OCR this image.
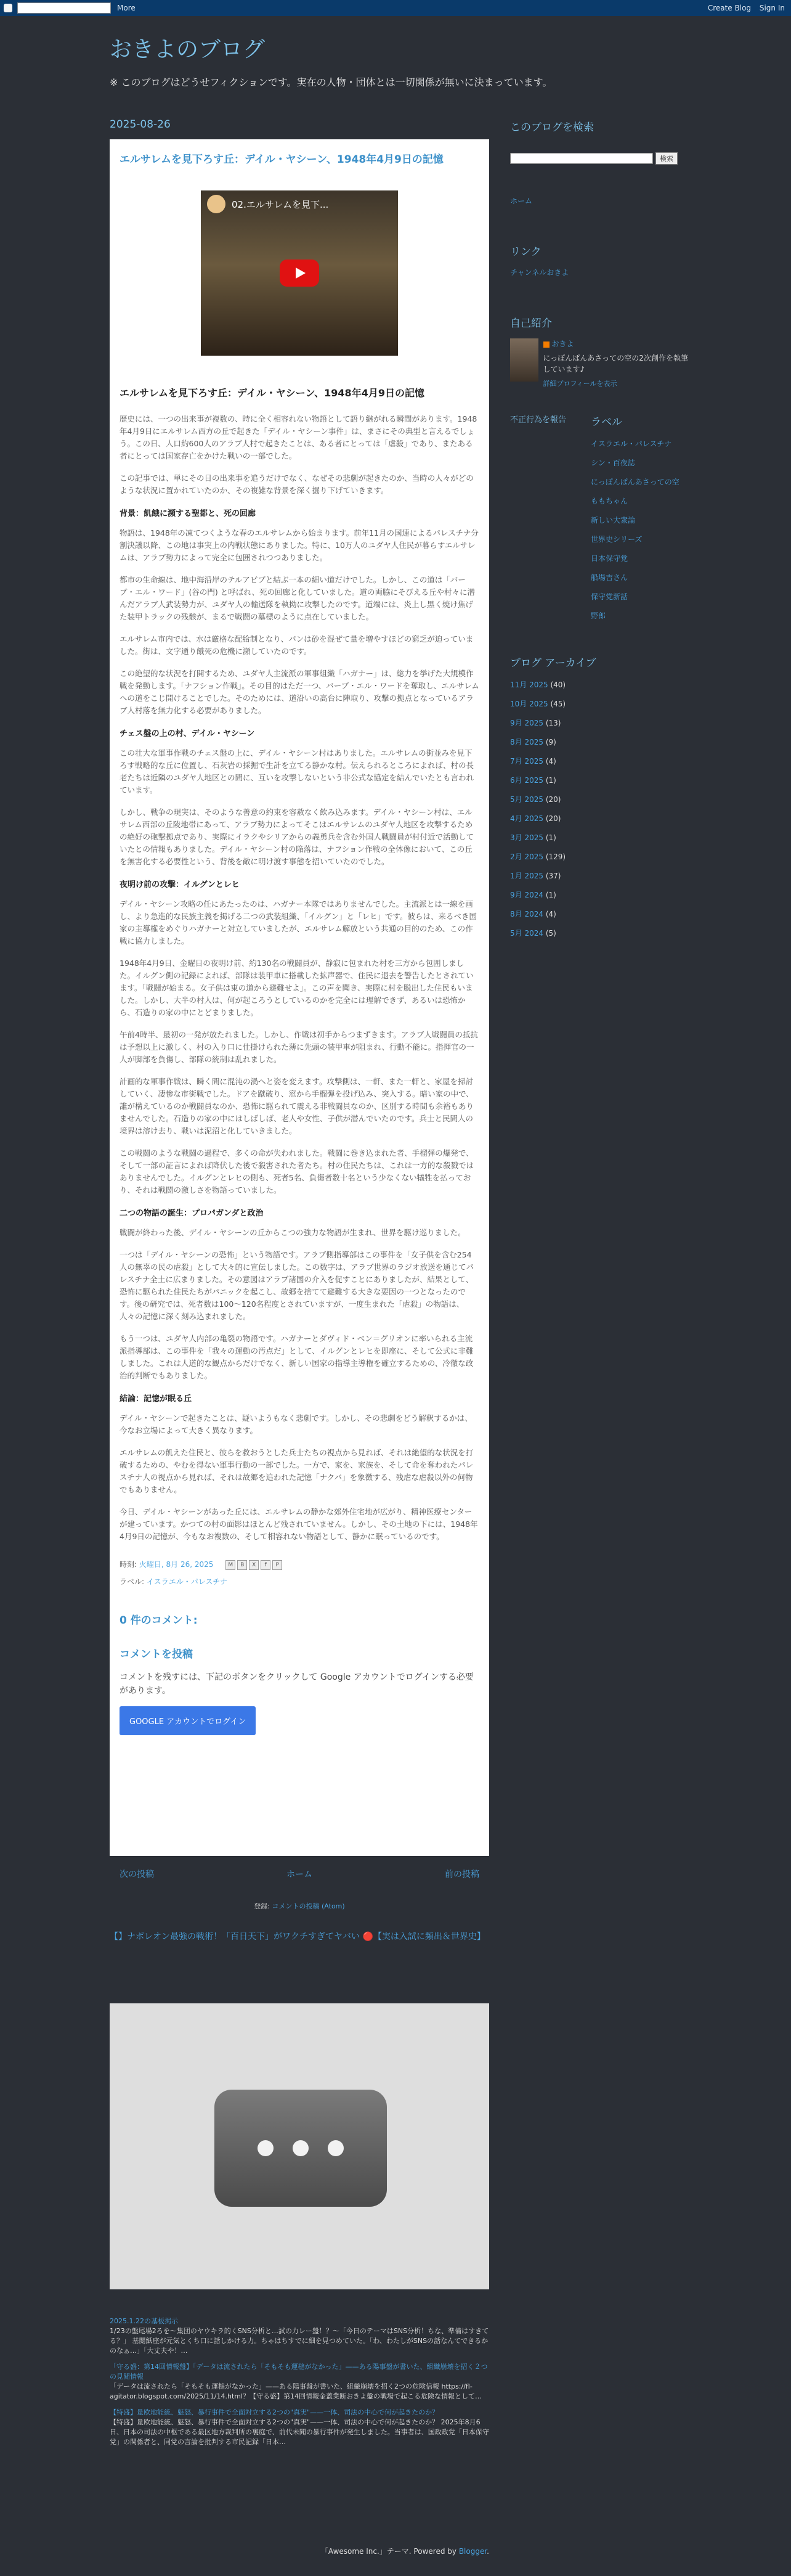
More	Create Blog Sign In
おきよのブログ
※ このブログはどうせフィクションです。実在の人物・団体とは一切関係が無いに決まっています。
2025-08-26
エルサレムを見下ろす丘：デイル・ヤシーン、1948年4月9日の記憶
02.エルサレムを見下...
エルサレムを見下ろす丘：デイル・ヤシーン、1948年4月9日の記憶

歴史には、一つの出来事が複数の、時に全く相容れない物語として語り継がれる瞬間があります。1948年4月9日にエルサレム西方の丘で起きた「デイル・ヤシーン事件」は、まさにその典型と言えるでしょう。この日、人口約600人のアラブ人村で起きたことは、ある者にとっては「虐殺」であり、またある者にとっては国家存亡をかけた戦いの一部でした。

この記事では、単にその日の出来事を追うだけでなく、なぜその悲劇が起きたのか、当時の人々がどのような状況に置かれていたのか、その複雑な背景を深く掘り下げていきます。

背景：飢餓に瀕する聖都と、死の回廊

物語は、1948年の凍てつくような春のエルサレムから始まります。前年11月の国連によるパレスチナ分割決議以降、この地は事実上の内戦状態にありました。特に、10万人のユダヤ人住民が暮らすエルサレムは、アラブ勢力によって完全に包囲されつつありました。

都市の生命線は、地中海沿岸のテルアビブと結ぶ一本の細い道だけでした。しかし、この道は「バーブ・エル・ワード」(谷の門) と呼ばれ、死の回廊と化していました。道の両脇にそびえる丘や村々に潜んだアラブ人武装勢力が、ユダヤ人の輸送隊を執拗に攻撃したのです。道端には、炎上し黒く焼け焦げた装甲トラックの残骸が、まるで戦闘の墓標のように点在していました。

エルサレム市内では、水は厳格な配給制となり、パンは砂を混ぜて量を増やすほどの窮乏が迫っていました。街は、文字通り餓死の危機に瀕していたのです。

この絶望的な状況を打開するため、ユダヤ人主流派の軍事組織「ハガナー」は、総力を挙げた大規模作戦を発動します。「ナフション作戦」。その目的はただ一つ、バーブ・エル・ワードを奪取し、エルサレムへの道をこじ開けることでした。そのためには、道沿いの高台に陣取り、攻撃の拠点となっているアラブ人村落を無力化する必要がありました。

チェス盤の上の村、デイル・ヤシーン

この壮大な軍事作戦のチェス盤の上に、デイル・ヤシーン村はありました。エルサレムの街並みを見下ろす戦略的な丘に位置し、石灰岩の採掘で生計を立てる静かな村。伝えられるところによれば、村の長老たちは近隣のユダヤ人地区との間に、互いを攻撃しないという非公式な協定を結んでいたとも言われています。

しかし、戦争の現実は、そのような善意の約束を容赦なく飲み込みます。デイル・ヤシーン村は、エルサレム西部の丘陵地帯にあって、アラブ勢力によってそこはエルサレムのユダヤ人地区を攻撃するための絶好の砲撃拠点であり、実際にイラクやシリアからの義勇兵を含む外国人戦闘員が村付近で活動していたとの情報もありました。デイル・ヤシーン村の陥落は、ナフション作戦の全体像において、この丘を無害化する必要性という、背後を敵に明け渡す事態を招いていたのでした。

夜明け前の攻撃：イルグンとレヒ

デイル・ヤシーン攻略の任にあたったのは、ハガナー本隊ではありませんでした。主流派とは一線を画し、より急進的な民族主義を掲げる二つの武装組織、「イルグン」と「レヒ」です。彼らは、来るべき国家の主導権をめぐりハガナーと対立していましたが、エルサレム解放という共通の目的のため、この作戦に協力しました。

1948年4月9日、金曜日の夜明け前、約130名の戦闘員が、静寂に包まれた村を三方から包囲しました。イルグン側の記録によれば、部隊は装甲車に搭載した拡声器で、住民に退去を警告したとされています。「戦闘が始まる。女子供は東の道から避難せよ」。この声を聞き、実際に村を脱出した住民もいました。しかし、大半の村人は、何が起ころうとしているのかを完全には理解できず、あるいは恐怖から、石造りの家の中にとどまりました。

午前4時半、最初の一発が放たれました。しかし、作戦は初手からつまずきます。アラブ人戦闘員の抵抗は予想以上に激しく、村の入り口に仕掛けられた薄に先頭の装甲車が阻まれ、行動不能に。指揮官の一人が脚部を負傷し、部隊の統制は乱れました。

計画的な軍事作戦は、瞬く間に混沌の渦へと姿を変えます。攻撃側は、一軒、また一軒と、家屋を掃討していく、凄惨な市街戦でした。ドアを蹴破り、窓から手榴弾を投げ込み、突入する。暗い家の中で、誰が構えているのか戦闘員なのか、恐怖に駆られて震える非戦闘員なのか、区別する時間も余裕もありませんでした。石造りの家の中にはしばしば、老人や女性、子供が潜んでいたのです。兵士と民間人の境界は溶け去り、戦いは泥沼と化していきました。

この戦闘のような戦闘の過程で、多くの命が失われました。戦闘に巻き込まれた者、手榴弾の爆発で、そして一部の証言によれば降伏した後で殺害された者たち。村の住民たちは、これは一方的な殺戮ではありませんでした。イルグンとレヒの側も、死者5名、負傷者数十名という少なくない犠牲を払っており、それは戦闘の激しさを物語っていました。

二つの物語の誕生：プロパガンダと政治

戦闘が終わった後、デイル・ヤシーンの丘からこつの強力な物語が生まれ、世界を駆け巡りました。

一つは「デイル・ヤシーンの恐怖」という物語です。アラブ側指導部はこの事件を「女子供を含む254人の無辜の民の虐殺」として大々的に宣伝しました。この数字は、アラブ世界のラジオ放送を通じてパレスチナ全土に広まりました。その意図はアラブ諸国の介入を促すことにありましたが、結果として、恐怖に駆られた住民たちがパニックを起こし、故郷を捨てて避難する大きな要因の一つとなったのです。後の研究では、死者数は100〜120名程度とされていますが、一度生まれた「虐殺」の物語は、人々の記憶に深く刻み込まれました。

もう一つは、ユダヤ人内部の亀裂の物語です。ハガナーとダヴィド・ベン＝グリオンに率いられる主流派指導部は、この事件を「我々の運動の汚点だ」として、イルグンとレヒを即座に、そして公式に非難しました。これは人道的な観点からだけでなく、新しい国家の指導主導権を確立するための、冷徹な政治的判断でもありました。

結論：記憶が眠る丘

デイル・ヤシーンで起きたことは、疑いようもなく悲劇です。しかし、その悲劇をどう解釈するかは、今なお立場によって大きく異なります。

エルサレムの飢えた住民と、彼らを救おうとした兵士たちの視点から見れば、それは絶望的な状況を打破するための、やむを得ない軍事行動の一部でした。一方で、家を、家族を、そして命を奪われたパレスチナ人の視点から見れば、それは故郷を追われた記憶「ナクバ」を象徴する、残虐な虐殺以外の何物でもありません。

今日、デイル・ヤシーンがあった丘には、エルサレムの静かな郊外住宅地が広がり、精神医療センターが建っています。かつての村の面影はほとんど残されていません。しかし、その土地の下には、1948年4月9日の記憶が、今もなお複数の、そして相容れない物語として、静かに眠っているのです。

時刻: 火曜日, 8月 26, 2025	M	B	X	f	P
ラベル: イスラエル・パレスチナ
0 件のコメント:
コメントを投稿

コメントを残すには、下記のボタンをクリックして Google アカウントでログインする必要があります。

GOOGLE アカウントでログイン
次の投稿	ホーム	前の投稿
登録: コメントの投稿 (Atom)
【】ナポレオン最強の戦術！「百日天下」がワクチすぎてヤバい 🔴【実は入試に頻出＆世界史】
2025.1.22の基板掲示
1/23の盤尾場2ろを〜集団のヤウキラ的くSNS分析と…試の力レー盤！？〜「今日のテーマはSNS分析！ちな、準備はすきてる？」 基閲紙座が元気とくち口に話しかける力。ちゃはちすでに細を見つめていた。「わ、わたしがSNSの話なんてできるかのなぁ…」「大丈夫や！…
「守る盛：第14回情報盤】「データは流されたら「そもそも運槌がなかった」——ある陽事盤が書いた、組織崩壊を招く２つの見閲情報
「データは流されたら「そもそも運槌がなかった」——ある陽事盤が書いた、組織崩壊を招く2つの危険信報 https://fl-agitator.blogspot.com/2025/11/14.html？【守る盛】第14回情報金蓋業断おきよ盤の戦場で起こる危険な情報として…
【特盛】量欧地能統、魅怒、暴行事件で全面対立する2つの"真実"——一体、司法の中心で何が起きたのか？
【特盛】量欧地能統、魅怒、暴行事件で全面対立する2つの"真実"——一体、司法の中心で何が起きたのか？ 2025年8月6日、日本の司法の中枢である最区地方裁判所の裏庭で、前代未聞の暴行事件が発生しました。当事者は、国政政党「日本保守党」の関係者と、同党の言論を批判する市民記録「日本…
「Awesome Inc.」テーマ. Powered by Blogger.
このブログを検索
検索
ホーム
リンク
チャンネルおきよ
自己紹介
おきよ
にっぽんぱんあさっての空の2次創作を執筆しています♪
詳細プロフィールを表示
不正行為を報告 ラベル
イスラエル・パレスチナ
シン・百夜誌
にっぽんぱんあさっての空
ももちゃん
新しい大衆論
世界史シリーズ
日本保守党
船場吉さん
保守党新話
野郎
ブログ アーカイブ
11月 2025 (40)
10月 2025 (45)
9月 2025 (13)
8月 2025 (9)
7月 2025 (4)
6月 2025 (1)
5月 2025 (20)
4月 2025 (20)
3月 2025 (1)
2月 2025 (129)
1月 2025 (37)
9月 2024 (1)
8月 2024 (4)
5月 2024 (5)
